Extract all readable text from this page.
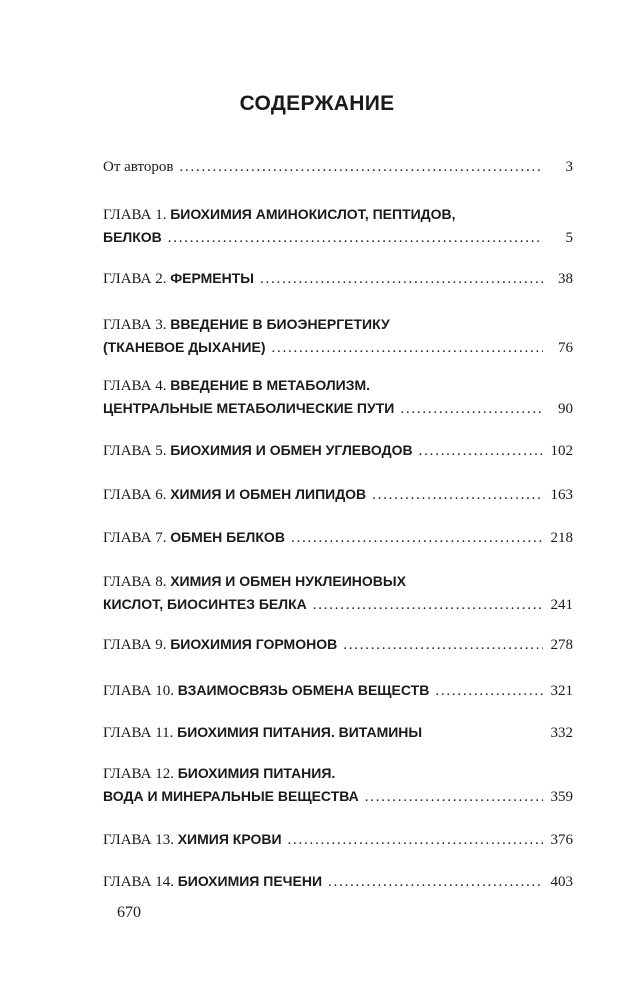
СОДЕРЖАНИЕ
От авторов . . .	3
ГЛАВА 1.
БИОХИМИЯ АМИНОКИСЛОТ, ПЕПТИДОВ,
БЕЛКОВ . . .	5
ГЛАВА 2.
ФЕРМЕНТЫ . . .	38
ГЛАВА 3.
ВВЕДЕНИЕ В БИОЭНЕРГЕТИКУ
(ТКАНЕВОЕ ДЫХАНИЕ) . . .	76
ГЛАВА 4.
ВВЕДЕНИЕ В МЕТАБОЛИЗМ.
ЦЕНТРАЛЬНЫЕ МЕТАБОЛИЧЕСКИЕ ПУТИ . . .	90
ГЛАВА 5.
БИОХИМИЯ И ОБМЕН УГЛЕВОДОВ . . .	102
ГЛАВА 6.
ХИМИЯ И ОБМЕН ЛИПИДОВ . . .	163
ГЛАВА 7.
ОБМЕН БЕЛКОВ . . .	218
ГЛАВА 8.
ХИМИЯ И ОБМЕН НУКЛЕИНОВЫХ
КИСЛОТ, БИОСИНТЕЗ БЕЛКА . . .	241
ГЛАВА 9.
БИОХИМИЯ ГОРМОНОВ . . .	278
ГЛАВА 10.
ВЗАИМОСВЯЗЬ ОБМЕНА ВЕЩЕСТВ . . .	321
ГЛАВА 11.
БИОХИМИЯ ПИТАНИЯ. ВИТАМИНЫ	332
ГЛАВА 12.
БИОХИМИЯ ПИТАНИЯ.
ВОДА И МИНЕРАЛЬНЫЕ ВЕЩЕСТВА . . .	359
ГЛАВА 13.
ХИМИЯ КРОВИ . . .	376
ГЛАВА 14.
БИОХИМИЯ ПЕЧЕНИ . . .	403
670
